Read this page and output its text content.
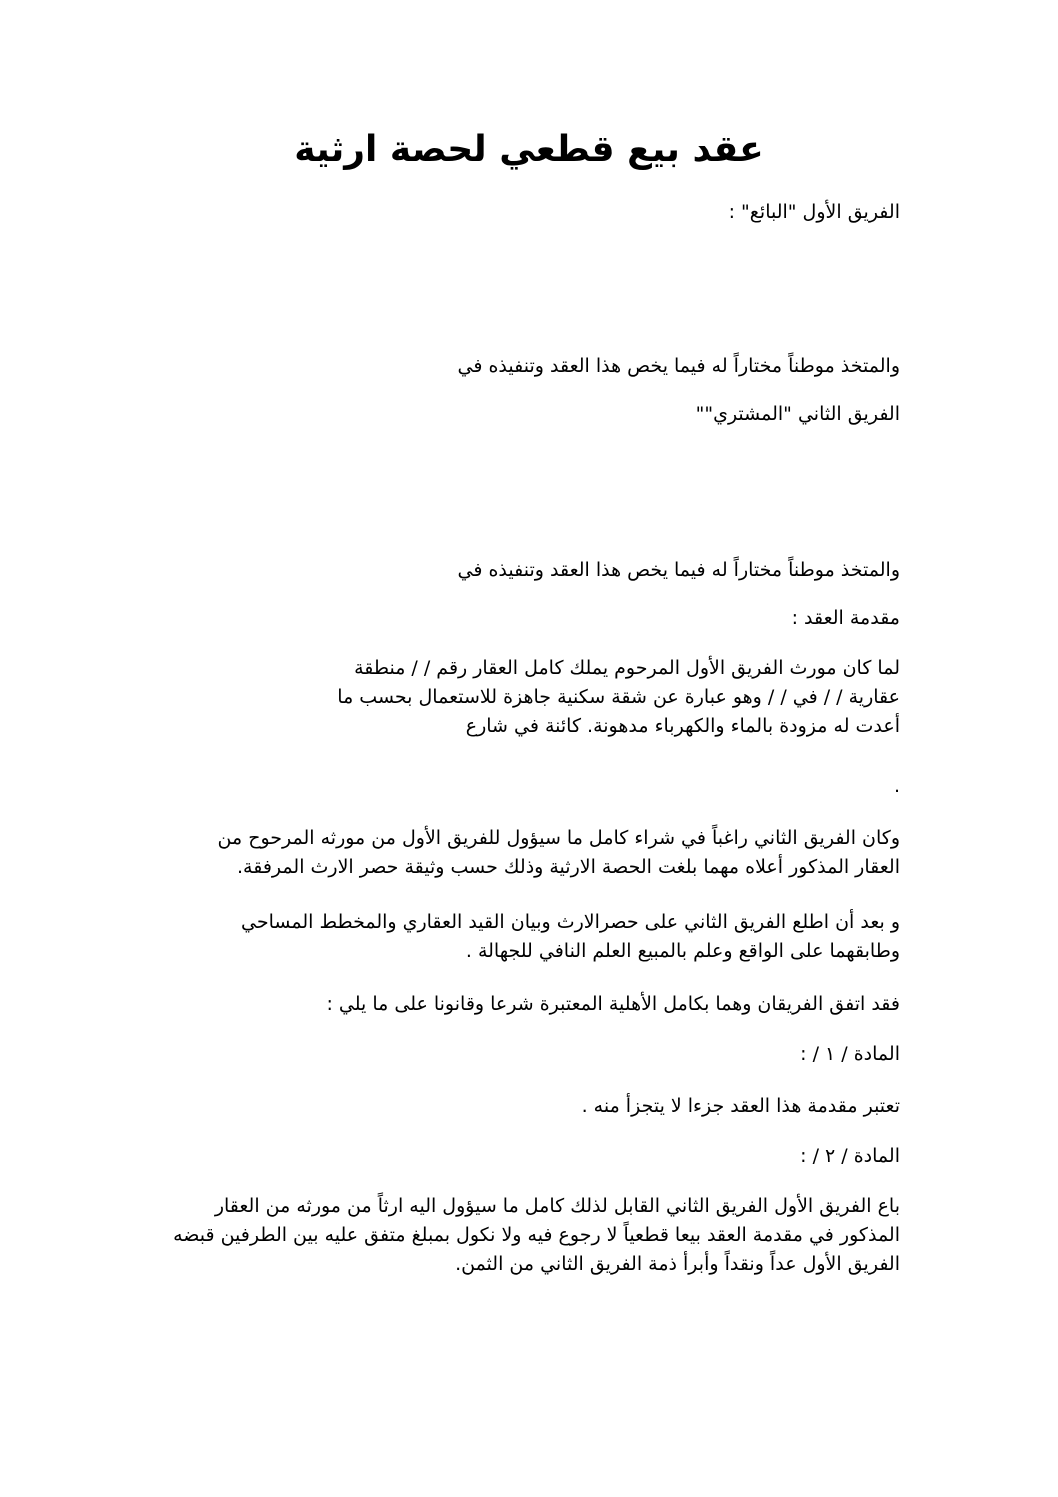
عقد بيع قطعي لحصة ارثية

الفريق الأول "البائع" :

والمتخذ موطناً مختاراً له فيما يخص هذا العقد وتنفيذه في

الفريق الثاني "المشتري""

والمتخذ موطناً مختاراً له فيما يخص هذا العقد وتنفيذه في

مقدمة العقد :

لما كان مورث الفريق الأول المرحوم يملك كامل العقار رقم / / منطقة
عقارية / / في / / وهو عبارة عن شقة سكنية جاهزة للاستعمال بحسب ما
أعدت له مزودة بالماء والكهرباء مدهونة. كائنة في شارع

.

وكان الفريق الثاني راغباً في شراء كامل ما سيؤول للفريق الأول من مورثه المرحوح من
العقار المذكور أعلاه مهما بلغت الحصة الارثية وذلك حسب وثيقة حصر الارث المرفقة.
و بعد أن اطلع الفريق الثاني على حصرالارث وبيان القيد العقاري والمخطط المساحي
وطابقهما على الواقع وعلم بالمبيع العلم النافي للجهالة .

فقد اتفق الفريقان وهما بكامل الأهلية المعتبرة شرعا وقانونا على ما يلي :

المادة / ١ / :

تعتبر مقدمة هذا العقد جزءا لا يتجزأ منه .

المادة / ٢ / :

باع الفريق الأول الفريق الثاني القابل لذلك كامل ما سيؤول اليه ارثاً من مورثه من العقار
المذكور في مقدمة العقد بيعا قطعياً لا رجوع فيه ولا نكول بمبلغ متفق عليه بين الطرفين قبضه
الفريق الأول عداً ونقداً وأبرأ ذمة الفريق الثاني من الثمن.
